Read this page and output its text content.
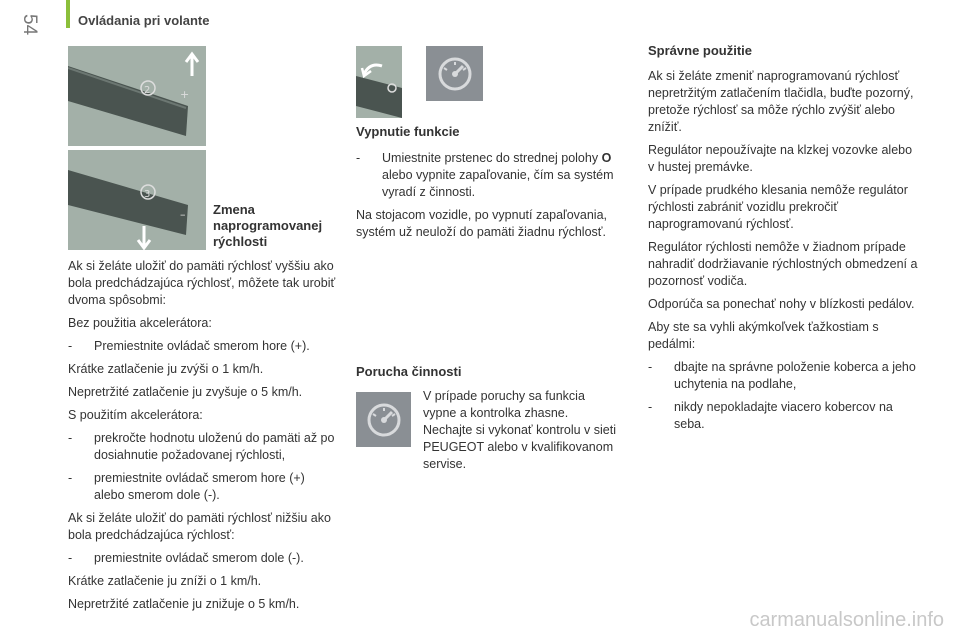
54	Ovládania pri volante
2	+
3
– Zmena naprogramovanej rýchlosti

Ak si želáte uložiť do pamäti rýchlosť vyššiu ako bola predchádzajúca rýchlosť, môžete tak urobiť dvoma spôsobmi:

Bez použitia akcelerátora:

- Premiestnite ovládač smerom hore (+).

Krátke zatlačenie ju zvýši o 1 km/h.

Nepretržité zatlačenie ju zvyšuje o 5 km/h.

S použitím akcelerátora:

- prekročte hodnotu uloženú do pamäti až po dosiahnutie požadovanej rýchlosti,
- premiestnite ovládač smerom hore (+) alebo smerom dole (-).

Ak si želáte uložiť do pamäti rýchlosť nižšiu ako bola predchádzajúca rýchlosť:

- premiestnite ovládač smerom dole (-).

Krátke zatlačenie ju zníži o 1 km/h.

Nepretržité zatlačenie ju znižuje o 5 km/h.

Vypnutie funkcie
- Umiestnite prstenec do strednej polohy O alebo vypnite zapaľovanie, čím sa systém vyradí z činnosti.

Na stojacom vozidle, po vypnutí zapaľovania, systém už neuloží do pamäti žiadnu rýchlosť.

Porucha činnosti

V prípade poruchy sa funkcia vypne a kontrolka zhasne. Nechajte si vykonať kontrolu v sieti PEUGEOT alebo v kvalifikovanom servise.

Správne použitie

Ak si želáte zmeniť naprogramovanú rýchlosť nepretržitým zatlačením tlačidla, buďte pozorný, pretože rýchlosť sa môže rýchlo zvýšiť alebo znížiť.

Regulátor nepoužívajte na klzkej vozovke alebo v hustej premávke.

V prípade prudkého klesania nemôže regulátor rýchlosti zabrániť vozidlu prekročiť naprogramovanú rýchlosť.

Regulátor rýchlosti nemôže v žiadnom prípade nahradiť dodržiavanie rýchlostných obmedzení a pozornosť vodiča.

Odporúča sa ponechať nohy v blízkosti pedálov.

Aby ste sa vyhli akýmkoľvek ťažkostiam s pedálmi:

- dbajte na správne položenie koberca a jeho uchytenia na podlahe,
- nikdy nepokladajte viacero kobercov na seba.
carmanualsonline.info
